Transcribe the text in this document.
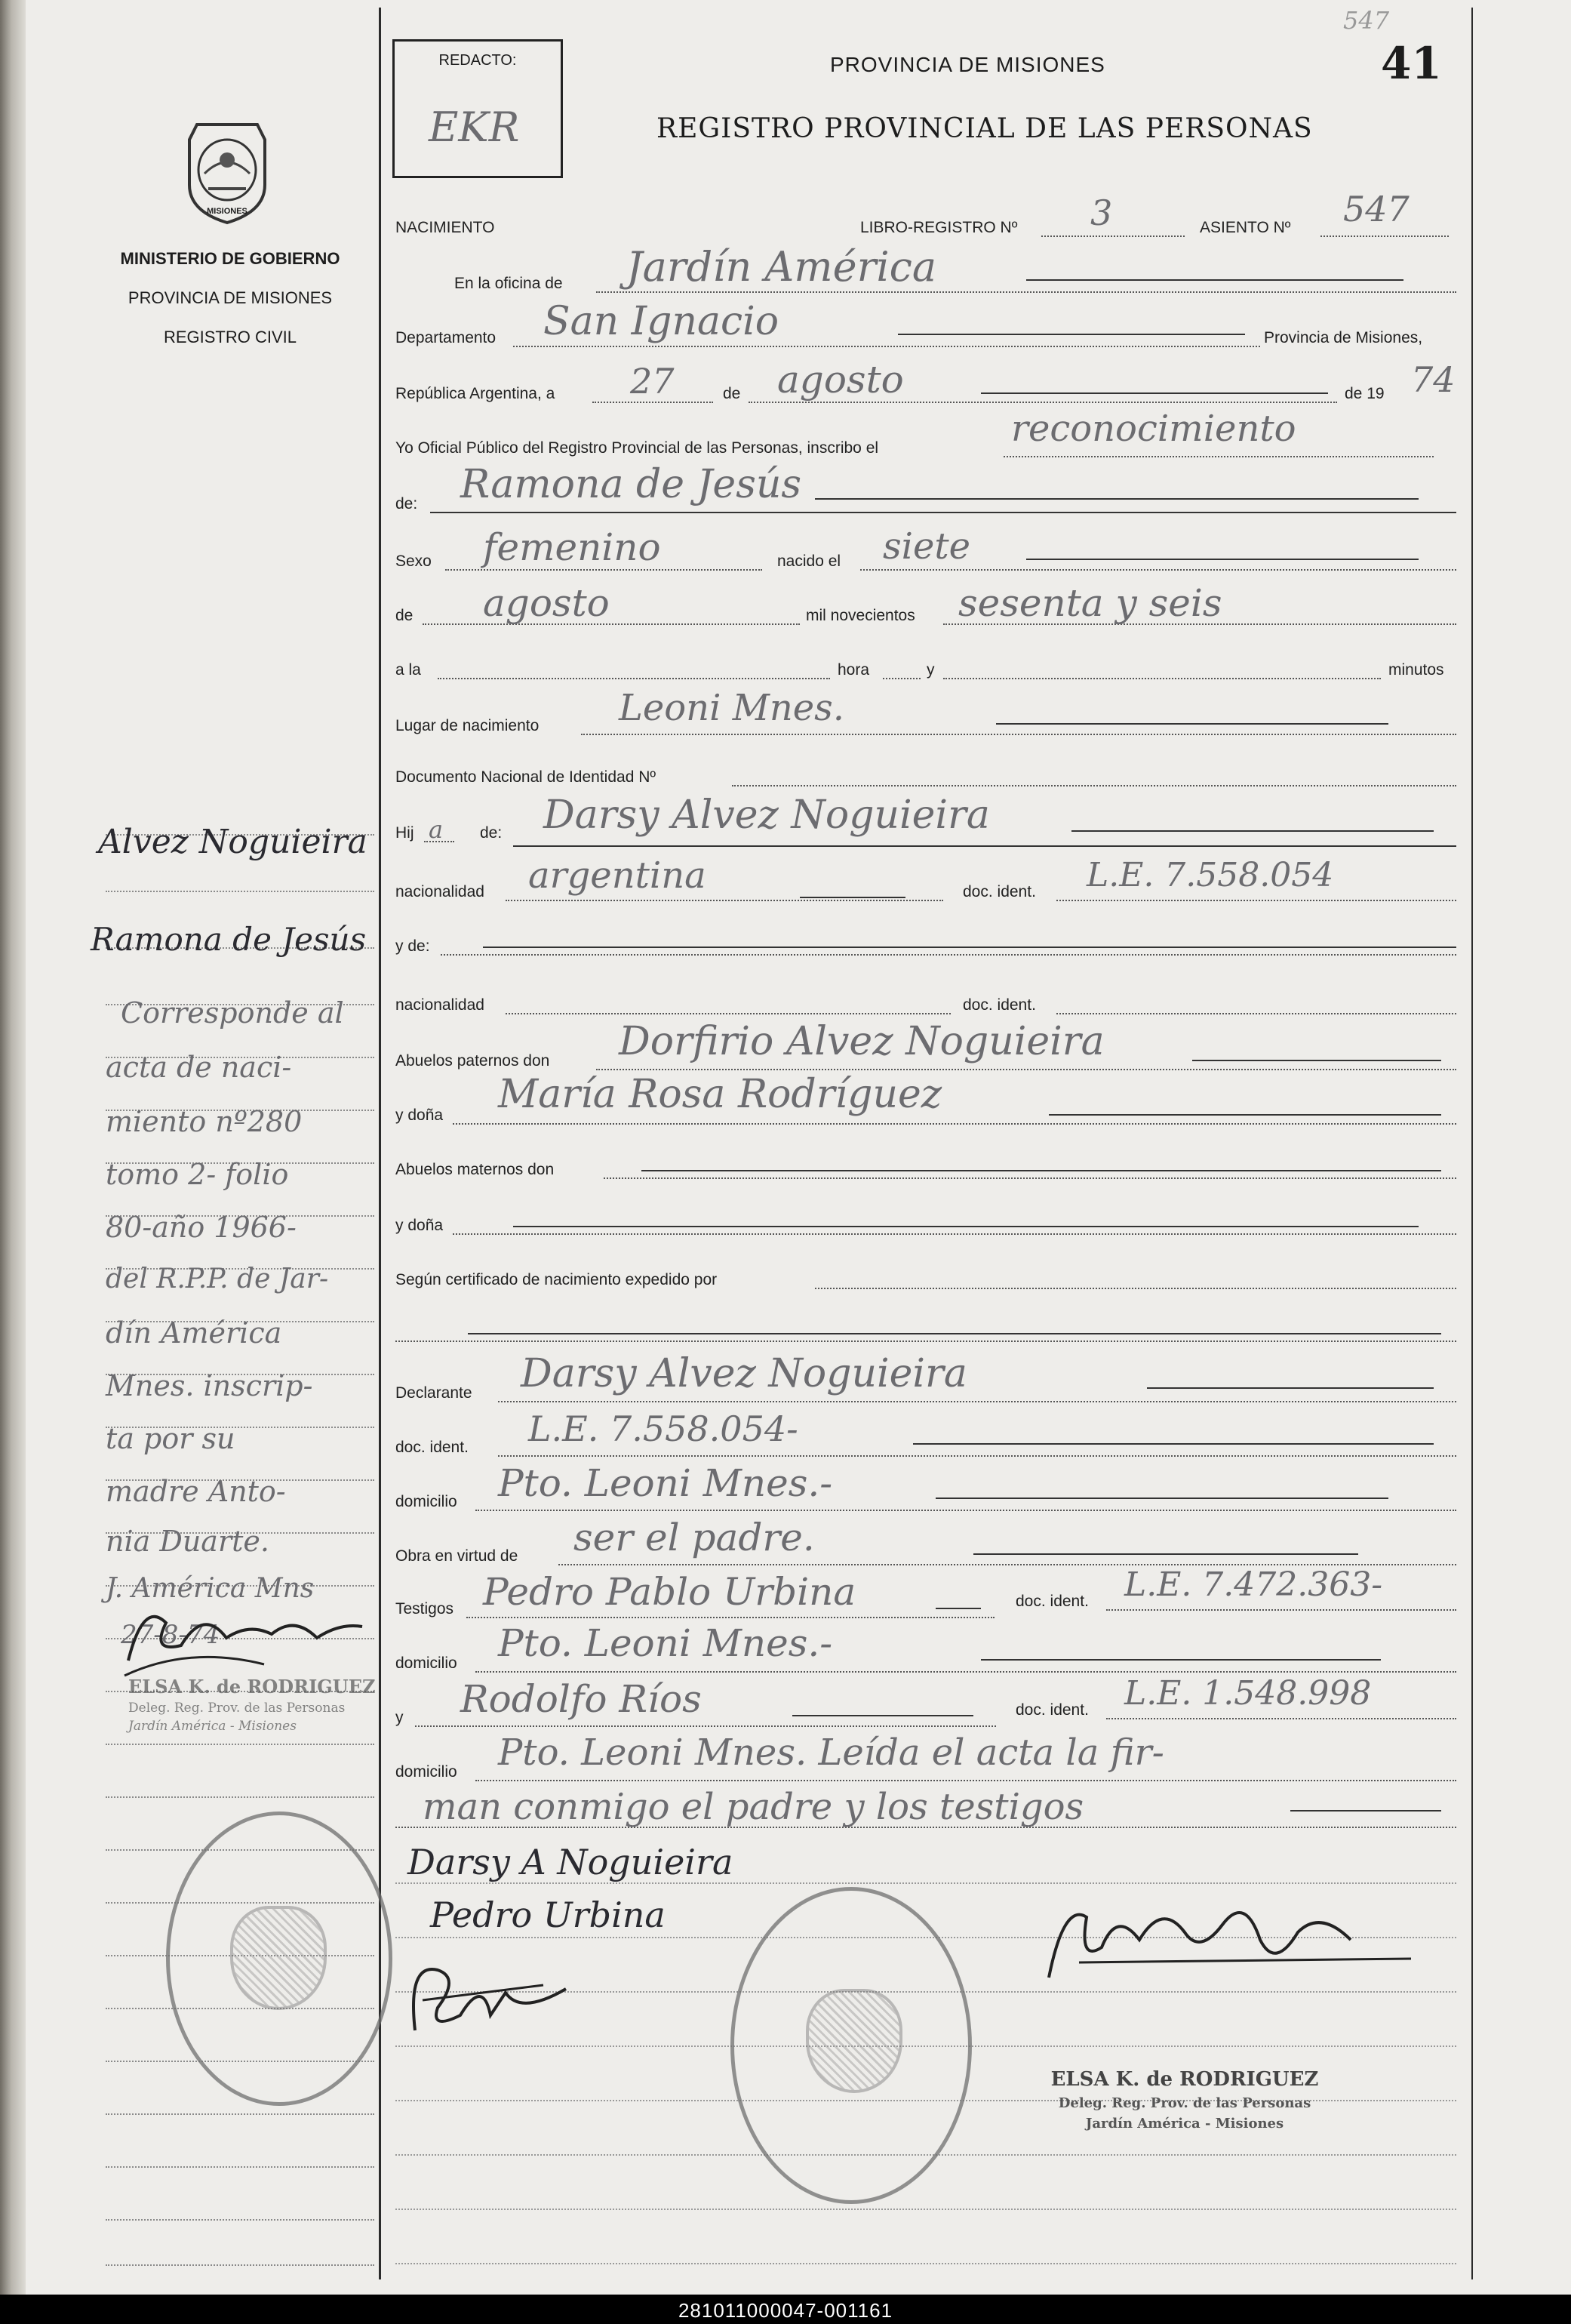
MISIONES
MINISTERIO DE GOBIERNO
PROVINCIA DE MISIONES
REGISTRO CIVIL
Alvez Noguieira
Ramona de Jesús
Corresponde al
acta de naci-
miento nº280
tomo 2- folio
80-año 1966-
del R.P.P. de Jar-
dín América
Mnes. inscrip-
ta por su
madre Anto-
nia Duarte.
J. América Mns
27-8-74
ELSA K. de RODRIGUEZ
Deleg. Reg. Prov. de las Personas
Jardín América - Misiones
REDACTO:
EKR
PROVINCIA DE MISIONES
547
41
REGISTRO PROVINCIAL DE LAS PERSONAS
NACIMIENTO	LIBRO-REGISTRO Nº 3	ASIENTO Nº 547
En la oficina de Jardín América
Departamento San Ignacio	Provincia de Misiones,
República Argentina, a 27	de agosto	de 19 74
Yo Oficial Público del Registro Provincial de las Personas, inscribo el	reconocimiento
de: Ramona de Jesús
Sexo femenino	nacido el siete
de agosto	mil novecientos sesenta y seis
a la	hora	y	minutos
Lugar de nacimiento Leoni Mnes.
Documento Nacional de Identidad Nº
Hij a de: Darsy Alvez Noguieira
nacionalidad argentina	doc. ident. L.E. 7.558.054
y de:
nacionalidad	doc. ident.
Abuelos paternos don Dorfirio Alvez Noguieira
y doña María Rosa Rodríguez
Abuelos maternos don
y doña
Según certificado de nacimiento expedido por
Declarante Darsy Alvez Noguieira
doc. ident. L.E. 7.558.054-
domicilio Pto. Leoni Mnes.-
Obra en virtud de ser el padre.
Testigos Pedro Pablo Urbina	doc. ident. L.E. 7.472.363-
domicilio Pto. Leoni Mnes.-
y Rodolfo Ríos	doc. ident. L.E. 1.548.998
domicilio Pto. Leoni Mnes. Leída el acta la fir-
man conmigo el padre y los testigos
Darsy A Noguieira
Pedro Urbina
ELSA K. de RODRIGUEZ
Deleg. Reg. Prov. de las Personas
Jardín América - Misiones
281011000047-001161
